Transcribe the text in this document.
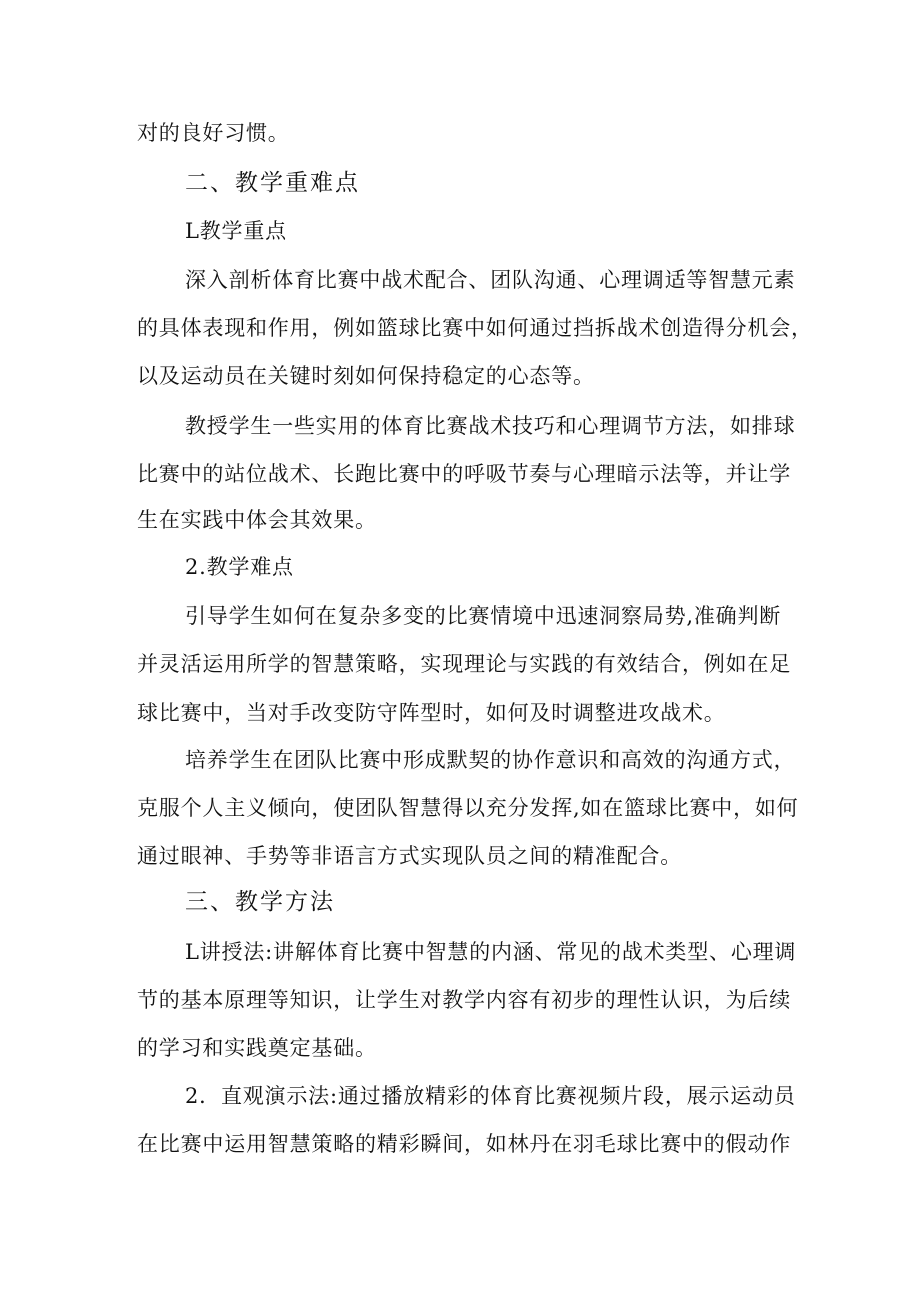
对的良好习惯。
二、教学重难点
L教学重点
深入剖析体育比赛中战术配合、团队沟通、心理调适等智慧元素
的具体表现和作用，例如篮球比赛中如何通过挡拆战术创造得分机会，
以及运动员在关键时刻如何保持稳定的心态等。
教授学生一些实用的体育比赛战术技巧和心理调节方法，如排球
比赛中的站位战术、长跑比赛中的呼吸节奏与心理暗示法等，并让学
生在实践中体会其效果。
2.教学难点
引导学生如何在复杂多变的比赛情境中迅速洞察局势,准确判断
并灵活运用所学的智慧策略，实现理论与实践的有效结合，例如在足
球比赛中，当对手改变防守阵型时，如何及时调整进攻战术。
培养学生在团队比赛中形成默契的协作意识和高效的沟通方式，
克服个人主义倾向，使团队智慧得以充分发挥,如在篮球比赛中，如何
通过眼神、手势等非语言方式实现队员之间的精准配合。
三、教学方法
L讲授法:讲解体育比赛中智慧的内涵、常见的战术类型、心理调
节的基本原理等知识，让学生对教学内容有初步的理性认识，为后续
的学习和实践奠定基础。
2．直观演示法:通过播放精彩的体育比赛视频片段，展示运动员
在比赛中运用智慧策略的精彩瞬间，如林丹在羽毛球比赛中的假动作
